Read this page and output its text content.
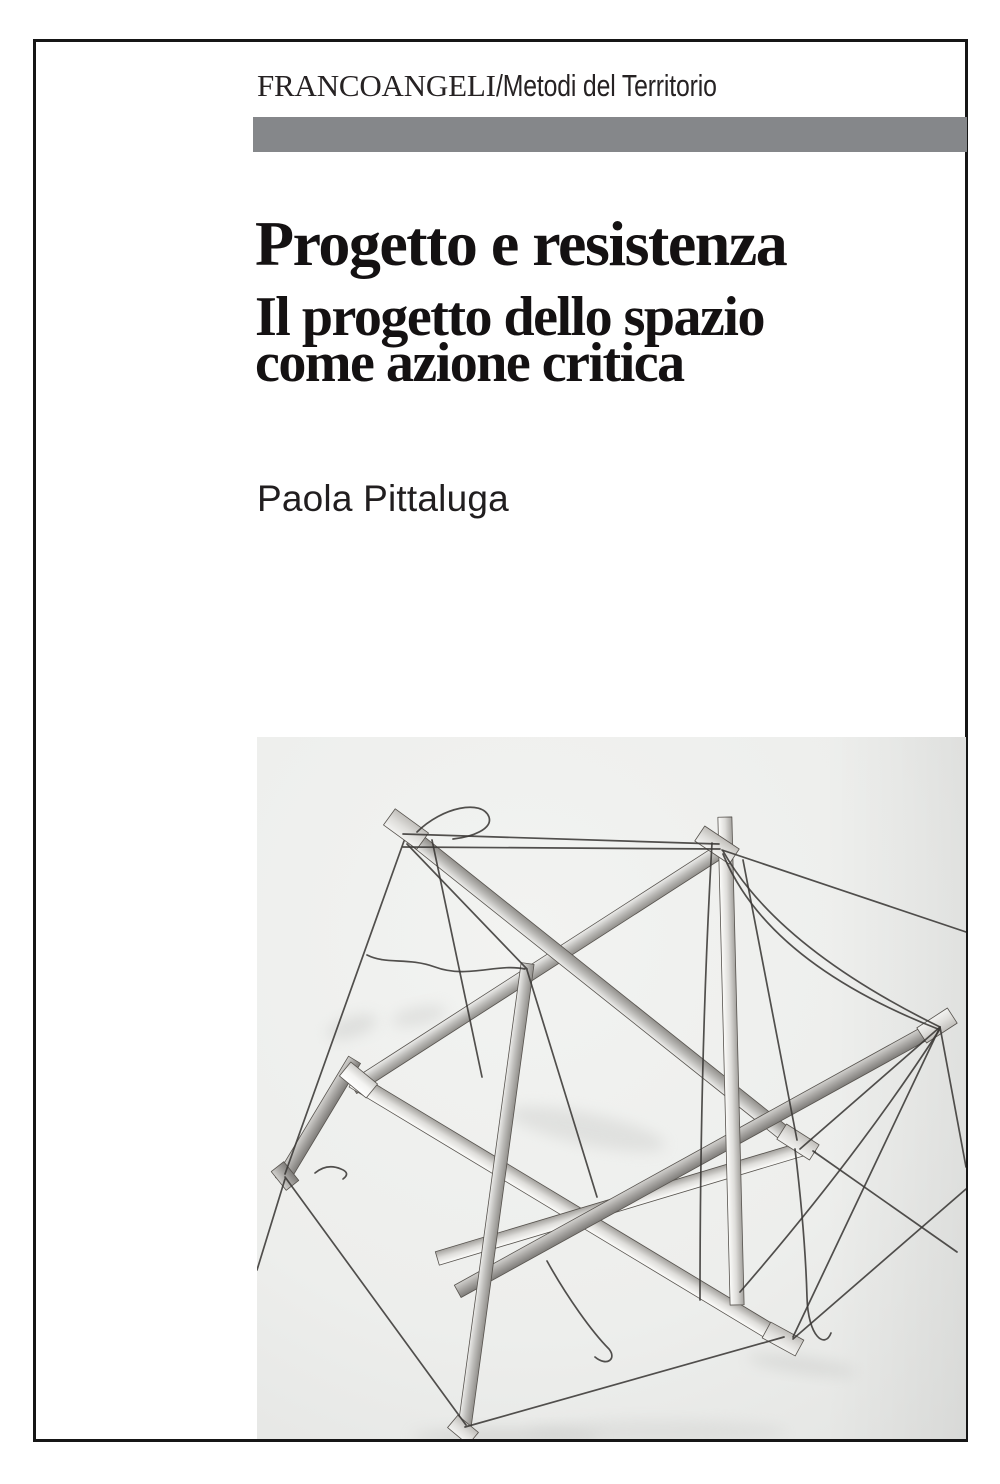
FRANCOANGELI/Metodi del Territorio
Progetto e resistenza
Il progetto dello spazio
come azione critica
Paola Pittaluga
